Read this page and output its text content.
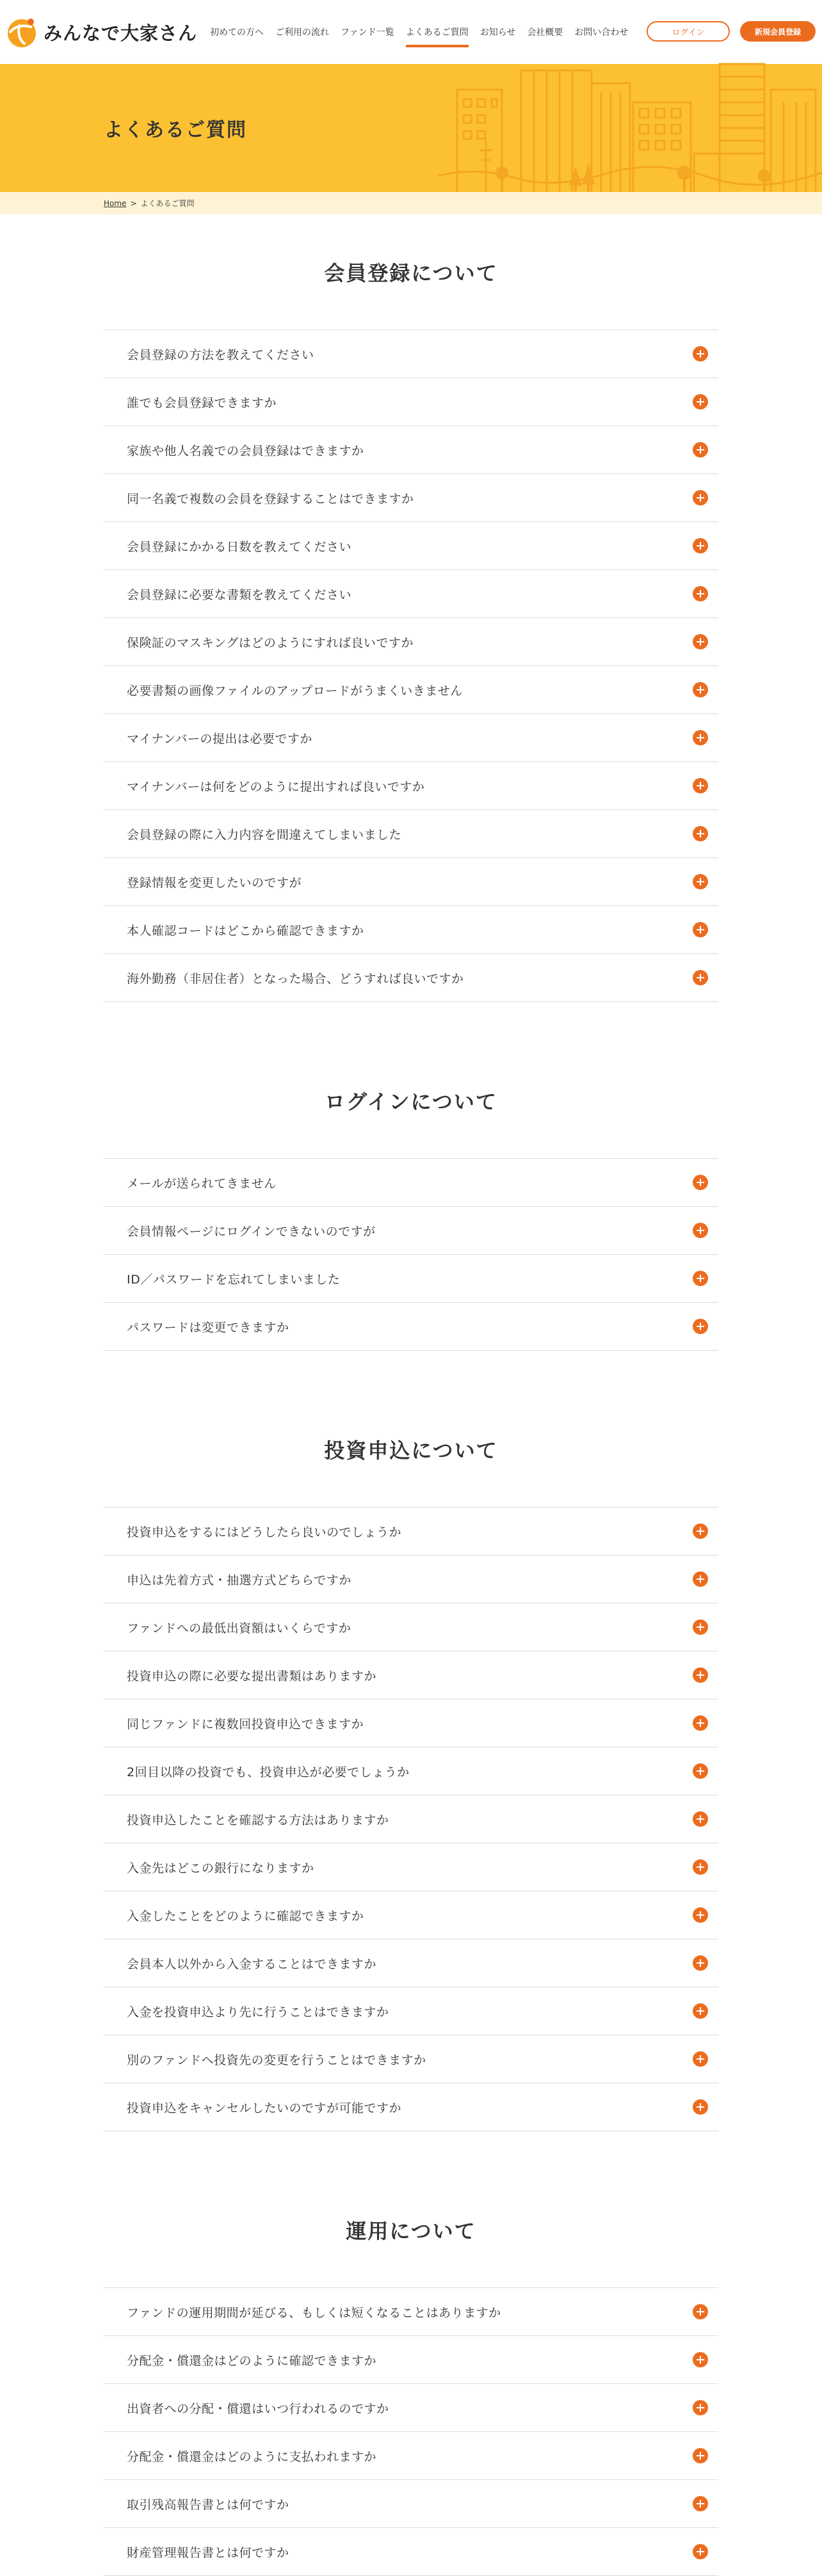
みんなで大家さん 初めての方へ ご利用の流れ ファンド一覧 よくあるご質問 お知らせ 会社概要 お問い合わせ	ログイン	新規会員登録
よくあるご質問
Home > よくあるご質問
会員登録について
会員登録の方法を教えてください
誰でも会員登録できますか
家族や他人名義での会員登録はできますか
同一名義で複数の会員を登録することはできますか
会員登録にかかる日数を教えてください
会員登録に必要な書類を教えてください
保険証のマスキングはどのようにすれば良いですか
必要書類の画像ファイルのアップロードがうまくいきません
マイナンバーの提出は必要ですか
マイナンバーは何をどのように提出すれば良いですか
会員登録の際に入力内容を間違えてしまいました
登録情報を変更したいのですが
本人確認コードはどこから確認できますか
海外勤務（非居住者）となった場合、どうすれば良いですか
ログインについて
メールが送られてきません
会員情報ページにログインできないのですが
ID／パスワードを忘れてしまいました
パスワードは変更できますか
投資申込について
投資申込をするにはどうしたら良いのでしょうか
申込は先着方式・抽選方式どちらですか
ファンドへの最低出資額はいくらですか
投資申込の際に必要な提出書類はありますか
同じファンドに複数回投資申込できますか
2回目以降の投資でも、投資申込が必要でしょうか
投資申込したことを確認する方法はありますか
入金先はどこの銀行になりますか
入金したことをどのように確認できますか
会員本人以外から入金することはできますか
入金を投資申込より先に行うことはできますか
別のファンドへ投資先の変更を行うことはできますか
投資申込をキャンセルしたいのですが可能ですか
運用について
ファンドの運用期間が延びる、もしくは短くなることはありますか
分配金・償還金はどのように確認できますか
出資者への分配・償還はいつ行われるのですか
分配金・償還金はどのように支払われますか
取引残高報告書とは何ですか
財産管理報告書とは何ですか
